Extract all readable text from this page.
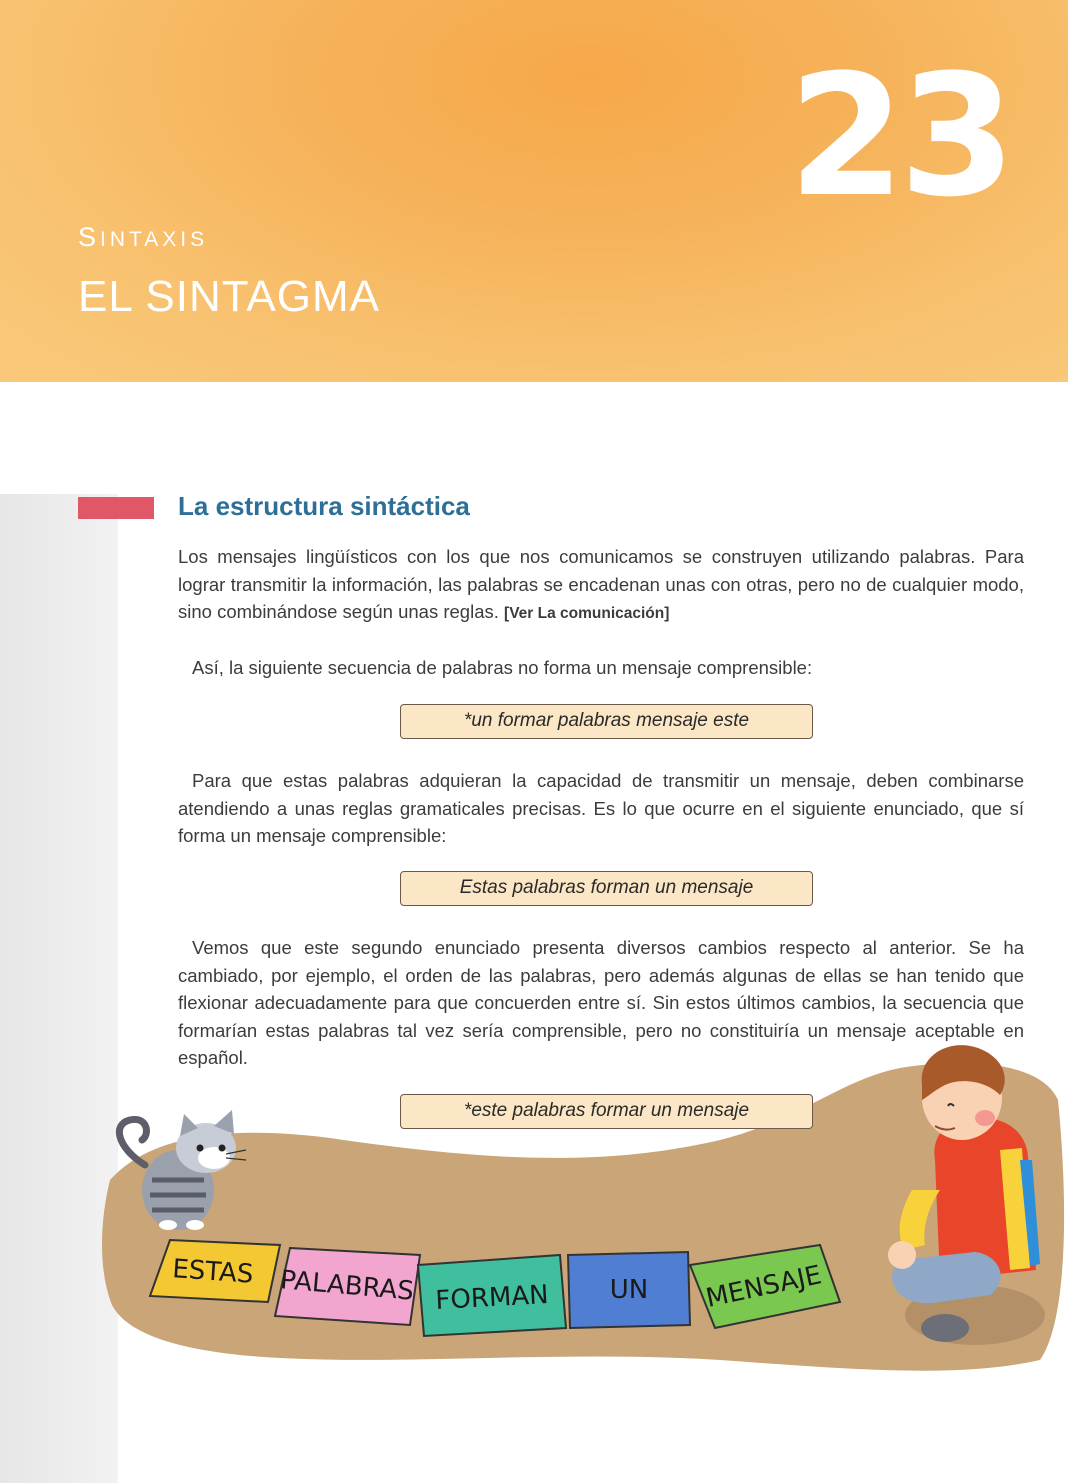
23
SINTAXIS
EL SINTAGMA
La estructura sintáctica
Los mensajes lingüísticos con los que nos comunicamos se construyen utilizando palabras. Para lograr transmitir la información, las palabras se encadenan unas con otras, pero no de cualquier modo, sino combinándose según unas reglas. [Ver La comunicación]
Así, la siguiente secuencia de palabras no forma un mensaje comprensible:
*un formar palabras mensaje este
Para que estas palabras adquieran la capacidad de transmitir un mensaje, deben combinarse atendiendo a unas reglas gramaticales precisas. Es lo que ocurre en el siguiente enunciado, que sí forma un mensaje comprensible:
Estas palabras forman un mensaje
Vemos que este segundo enunciado presenta diversos cambios respecto al anterior. Se ha cambiado, por ejemplo, el orden de las palabras, pero además algunas de ellas se han tenido que flexionar adecuadamente para que concuerden entre sí. Sin estos últimos cambios, la secuencia que formarían estas palabras tal vez sería comprensible, pero no constituiría un mensaje aceptable en español.
ESTAS PALABRAS FORMAN UN MENSAJE
*este palabras formar un mensaje
